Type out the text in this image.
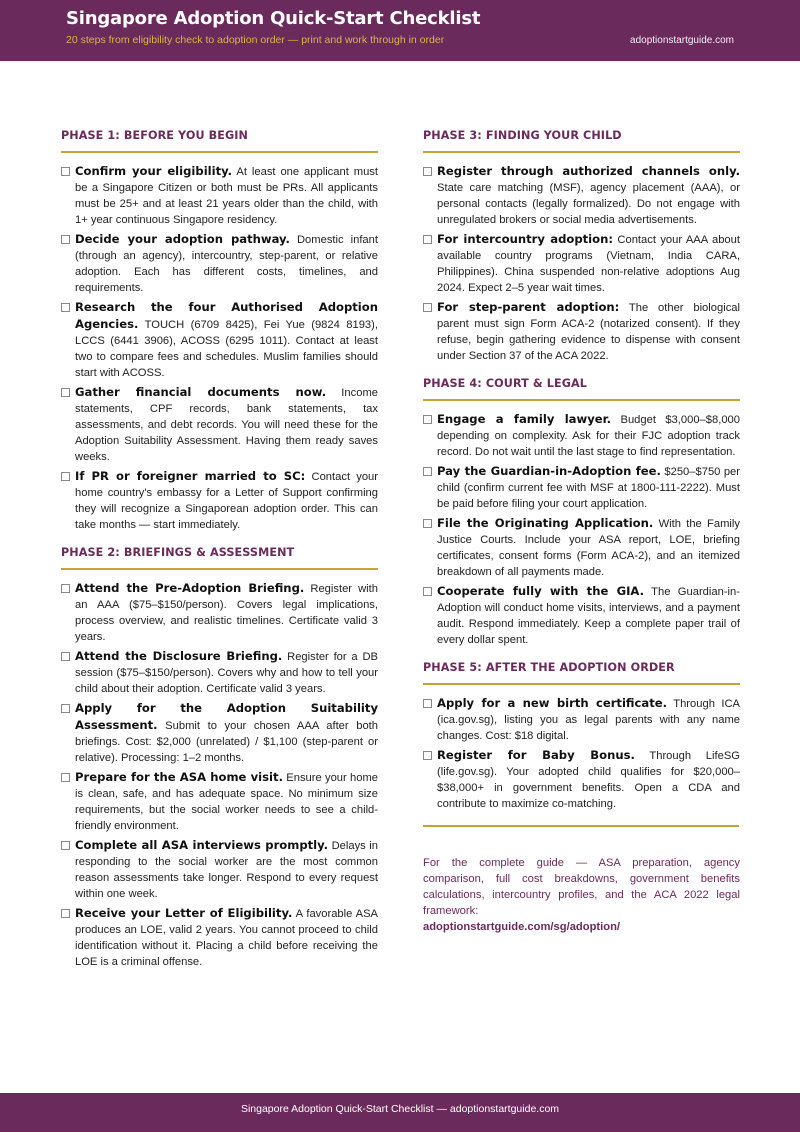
Singapore Adoption Quick-Start Checklist
20 steps from eligibility check to adoption order — print and work through in order	adoptionstartguide.com
PHASE 1: BEFORE YOU BEGIN
Confirm your eligibility. At least one applicant must be a Singapore Citizen or both must be PRs. All applicants must be 25+ and at least 21 years older than the child, with 1+ year continuous Singapore residency.
Decide your adoption pathway. Domestic infant (through an agency), intercountry, step-parent, or relative adoption. Each has different costs, timelines, and requirements.
Research the four Authorised Adoption Agencies. TOUCH (6709 8425), Fei Yue (9824 8193), LCCS (6441 3906), ACOSS (6295 1011). Contact at least two to compare fees and schedules. Muslim families should start with ACOSS.
Gather financial documents now. Income statements, CPF records, bank statements, tax assessments, and debt records. You will need these for the Adoption Suitability Assessment. Having them ready saves weeks.
If PR or foreigner married to SC: Contact your home country's embassy for a Letter of Support confirming they will recognize a Singaporean adoption order. This can take months — start immediately.
PHASE 2: BRIEFINGS & ASSESSMENT
Attend the Pre-Adoption Briefing. Register with an AAA ($75–$150/person). Covers legal implications, process overview, and realistic timelines. Certificate valid 3 years.
Attend the Disclosure Briefing. Register for a DB session ($75–$150/person). Covers why and how to tell your child about their adoption. Certificate valid 3 years.
Apply for the Adoption Suitability Assessment. Submit to your chosen AAA after both briefings. Cost: $2,000 (unrelated) / $1,100 (step-parent or relative). Processing: 1–2 months.
Prepare for the ASA home visit. Ensure your home is clean, safe, and has adequate space. No minimum size requirements, but the social worker needs to see a child-friendly environment.
Complete all ASA interviews promptly. Delays in responding to the social worker are the most common reason assessments take longer. Respond to every request within one week.
Receive your Letter of Eligibility. A favorable ASA produces an LOE, valid 2 years. You cannot proceed to child identification without it. Placing a child before receiving the LOE is a criminal offense.
PHASE 3: FINDING YOUR CHILD
Register through authorized channels only. State care matching (MSF), agency placement (AAA), or personal contacts (legally formalized). Do not engage with unregulated brokers or social media advertisements.
For intercountry adoption: Contact your AAA about available country programs (Vietnam, India CARA, Philippines). China suspended non-relative adoptions Aug 2024. Expect 2–5 year wait times.
For step-parent adoption: The other biological parent must sign Form ACA-2 (notarized consent). If they refuse, begin gathering evidence to dispense with consent under Section 37 of the ACA 2022.
PHASE 4: COURT & LEGAL
Engage a family lawyer. Budget $3,000–$8,000 depending on complexity. Ask for their FJC adoption track record. Do not wait until the last stage to find representation.
Pay the Guardian-in-Adoption fee. $250–$750 per child (confirm current fee with MSF at 1800-111-2222). Must be paid before filing your court application.
File the Originating Application. With the Family Justice Courts. Include your ASA report, LOE, briefing certificates, consent forms (Form ACA-2), and an itemized breakdown of all payments made.
Cooperate fully with the GIA. The Guardian-in-Adoption will conduct home visits, interviews, and a payment audit. Respond immediately. Keep a complete paper trail of every dollar spent.
PHASE 5: AFTER THE ADOPTION ORDER
Apply for a new birth certificate. Through ICA (ica.gov.sg), listing you as legal parents with any name changes. Cost: $18 digital.
Register for Baby Bonus. Through LifeSG (life.gov.sg). Your adopted child qualifies for $20,000–$38,000+ in government benefits. Open a CDA and contribute to maximize co-matching.
For the complete guide — ASA preparation, agency comparison, full cost breakdowns, government benefits calculations, intercountry profiles, and the ACA 2022 legal framework:
adoptionstartguide.com/sg/adoption/
Singapore Adoption Quick-Start Checklist — adoptionstartguide.com
